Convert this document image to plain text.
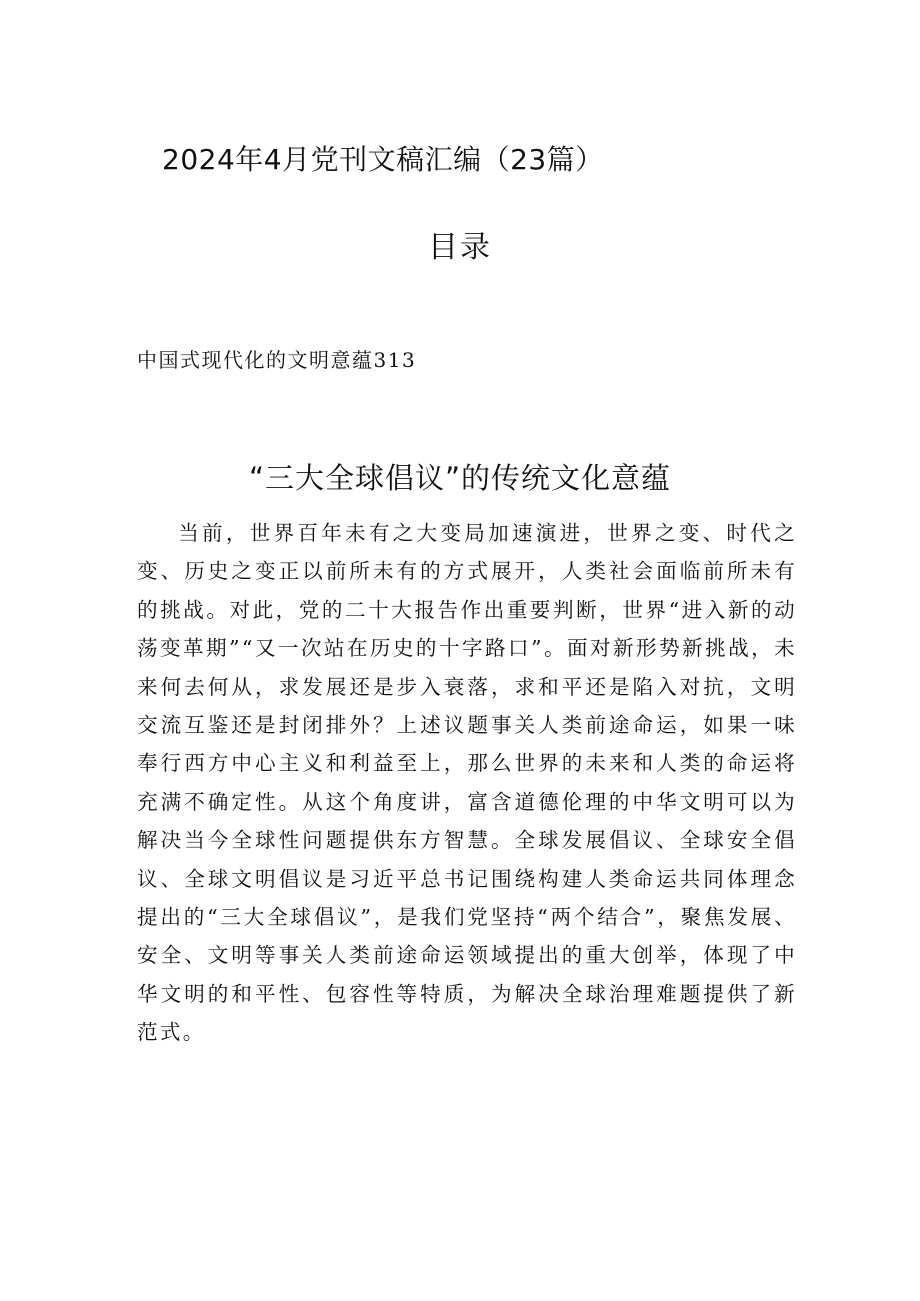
2024年4月党刊文稿汇编（23篇）
目录
中国式现代化的文明意蕴313
“三大全球倡议”的传统文化意蕴

当前，世界百年未有之大变局加速演进，世界之变、时代之变、历史之变正以前所未有的方式展开，人类社会面临前所未有的挑战。对此，党的二十大报告作出重要判断，世界“进入新的动荡变革期”“又一次站在历史的十字路口”。面对新形势新挑战，未来何去何从，求发展还是步入衰落，求和平还是陷入对抗，文明交流互鉴还是封闭排外？上述议题事关人类前途命运，如果一味奉行西方中心主义和利益至上，那么世界的未来和人类的命运将充满不确定性。从这个角度讲，富含道德伦理的中华文明可以为解决当今全球性问题提供东方智慧。全球发展倡议、全球安全倡议、全球文明倡议是习近平总书记围绕构建人类命运共同体理念提出的“三大全球倡议”，是我们党坚持“两个结合”，聚焦发展、安全、文明等事关人类前途命运领域提出的重大创举，体现了中华文明的和平性、包容性等特质，为解决全球治理难题提供了新范式。
